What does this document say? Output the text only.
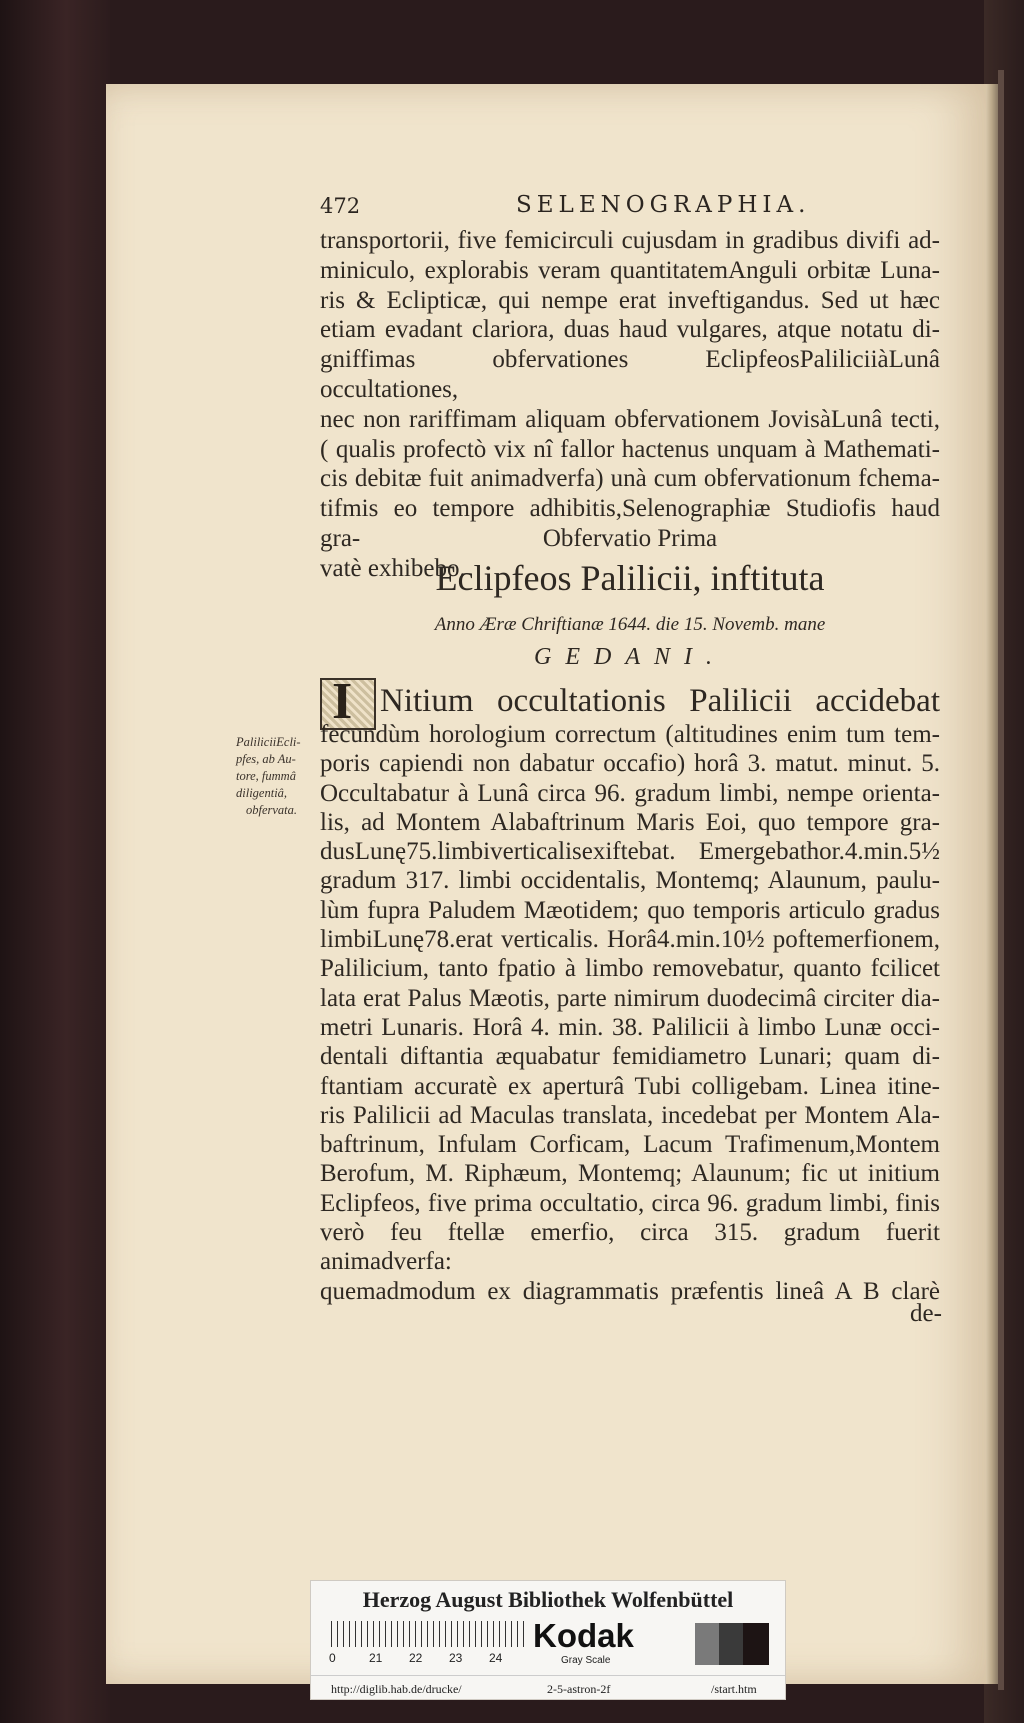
472	SELENOGRAPHIA.
transportorii, five femicirculi cujusdam in gradibus divifi ad-
miniculo, explorabis veram quantitatemAnguli orbitæ Luna-
ris & Eclipticæ, qui nempe erat inveftigandus. Sed ut hæc
etiam evadant clariora, duas haud vulgares, atque notatu di-
gniffimas obfervationes EclipfeosPaliliciiàLunâ occultationes,
nec non rariffimam aliquam obfervationem JovisàLunâ tecti,
( qualis profectò vix nî fallor hactenus unquam à Mathemati-
cis debitæ fuit animadverfa) unà cum obfervationum fchema-
tifmis eo tempore adhibitis,Selenographiæ Studiofis haud gra-
vatè exhibebo.
Obfervatio Prima
Eclipfeos Palilicii, inftituta
Anno Æræ Chriftianæ 1644. die 15. Novemb. mane
GEDANI.
I Nitium occultationis Palilicii accidebat
PaliliciiEcli-
pfes, ab Au-
tore, fummâ
diligentiâ,
obfervata.
fecundùm horologium correctum (altitudines enim tum tem-
poris capiendi non dabatur occafio) horâ 3. matut. minut. 5.
Occultabatur à Lunâ circa 96. gradum limbi, nempe orienta-
lis, ad Montem Alabaftrinum Maris Eoi, quo tempore gra-
dusLunę75.limbiverticalisexiftebat. Emergebathor.4.min.5½
gradum 317. limbi occidentalis, Montemq; Alaunum, paulu-
lùm fupra Paludem Mæotidem; quo temporis articulo gradus
limbiLunę78.erat verticalis. Horâ4.min.10½ poftemerfionem,
Palilicium, tanto fpatio à limbo removebatur, quanto fcilicet
lata erat Palus Mæotis, parte nimirum duodecimâ circiter dia-
metri Lunaris. Horâ 4. min. 38. Palilicii à limbo Lunæ occi-
dentali diftantia æquabatur femidiametro Lunari; quam di-
ftantiam accuratè ex aperturâ Tubi colligebam. Linea itine-
ris Palilicii ad Maculas translata, incedebat per Montem Ala-
baftrinum, Infulam Corficam, Lacum Trafimenum,Montem
Berofum, M. Riphæum, Montemq; Alaunum; fic ut initium
Eclipfeos, five prima occultatio, circa 96. gradum limbi, finis
verò feu ftellæ emerfio, circa 315. gradum fuerit animadverfa:
quemadmodum ex diagrammatis præfentis lineâ A B clarè
de-
Herzog August Bibliothek Wolfenbüttel
0	21 22 23 24
Kodak
Gray Scale
http://diglib.hab.de/drucke/	2-5-astron-2f	/start.htm
